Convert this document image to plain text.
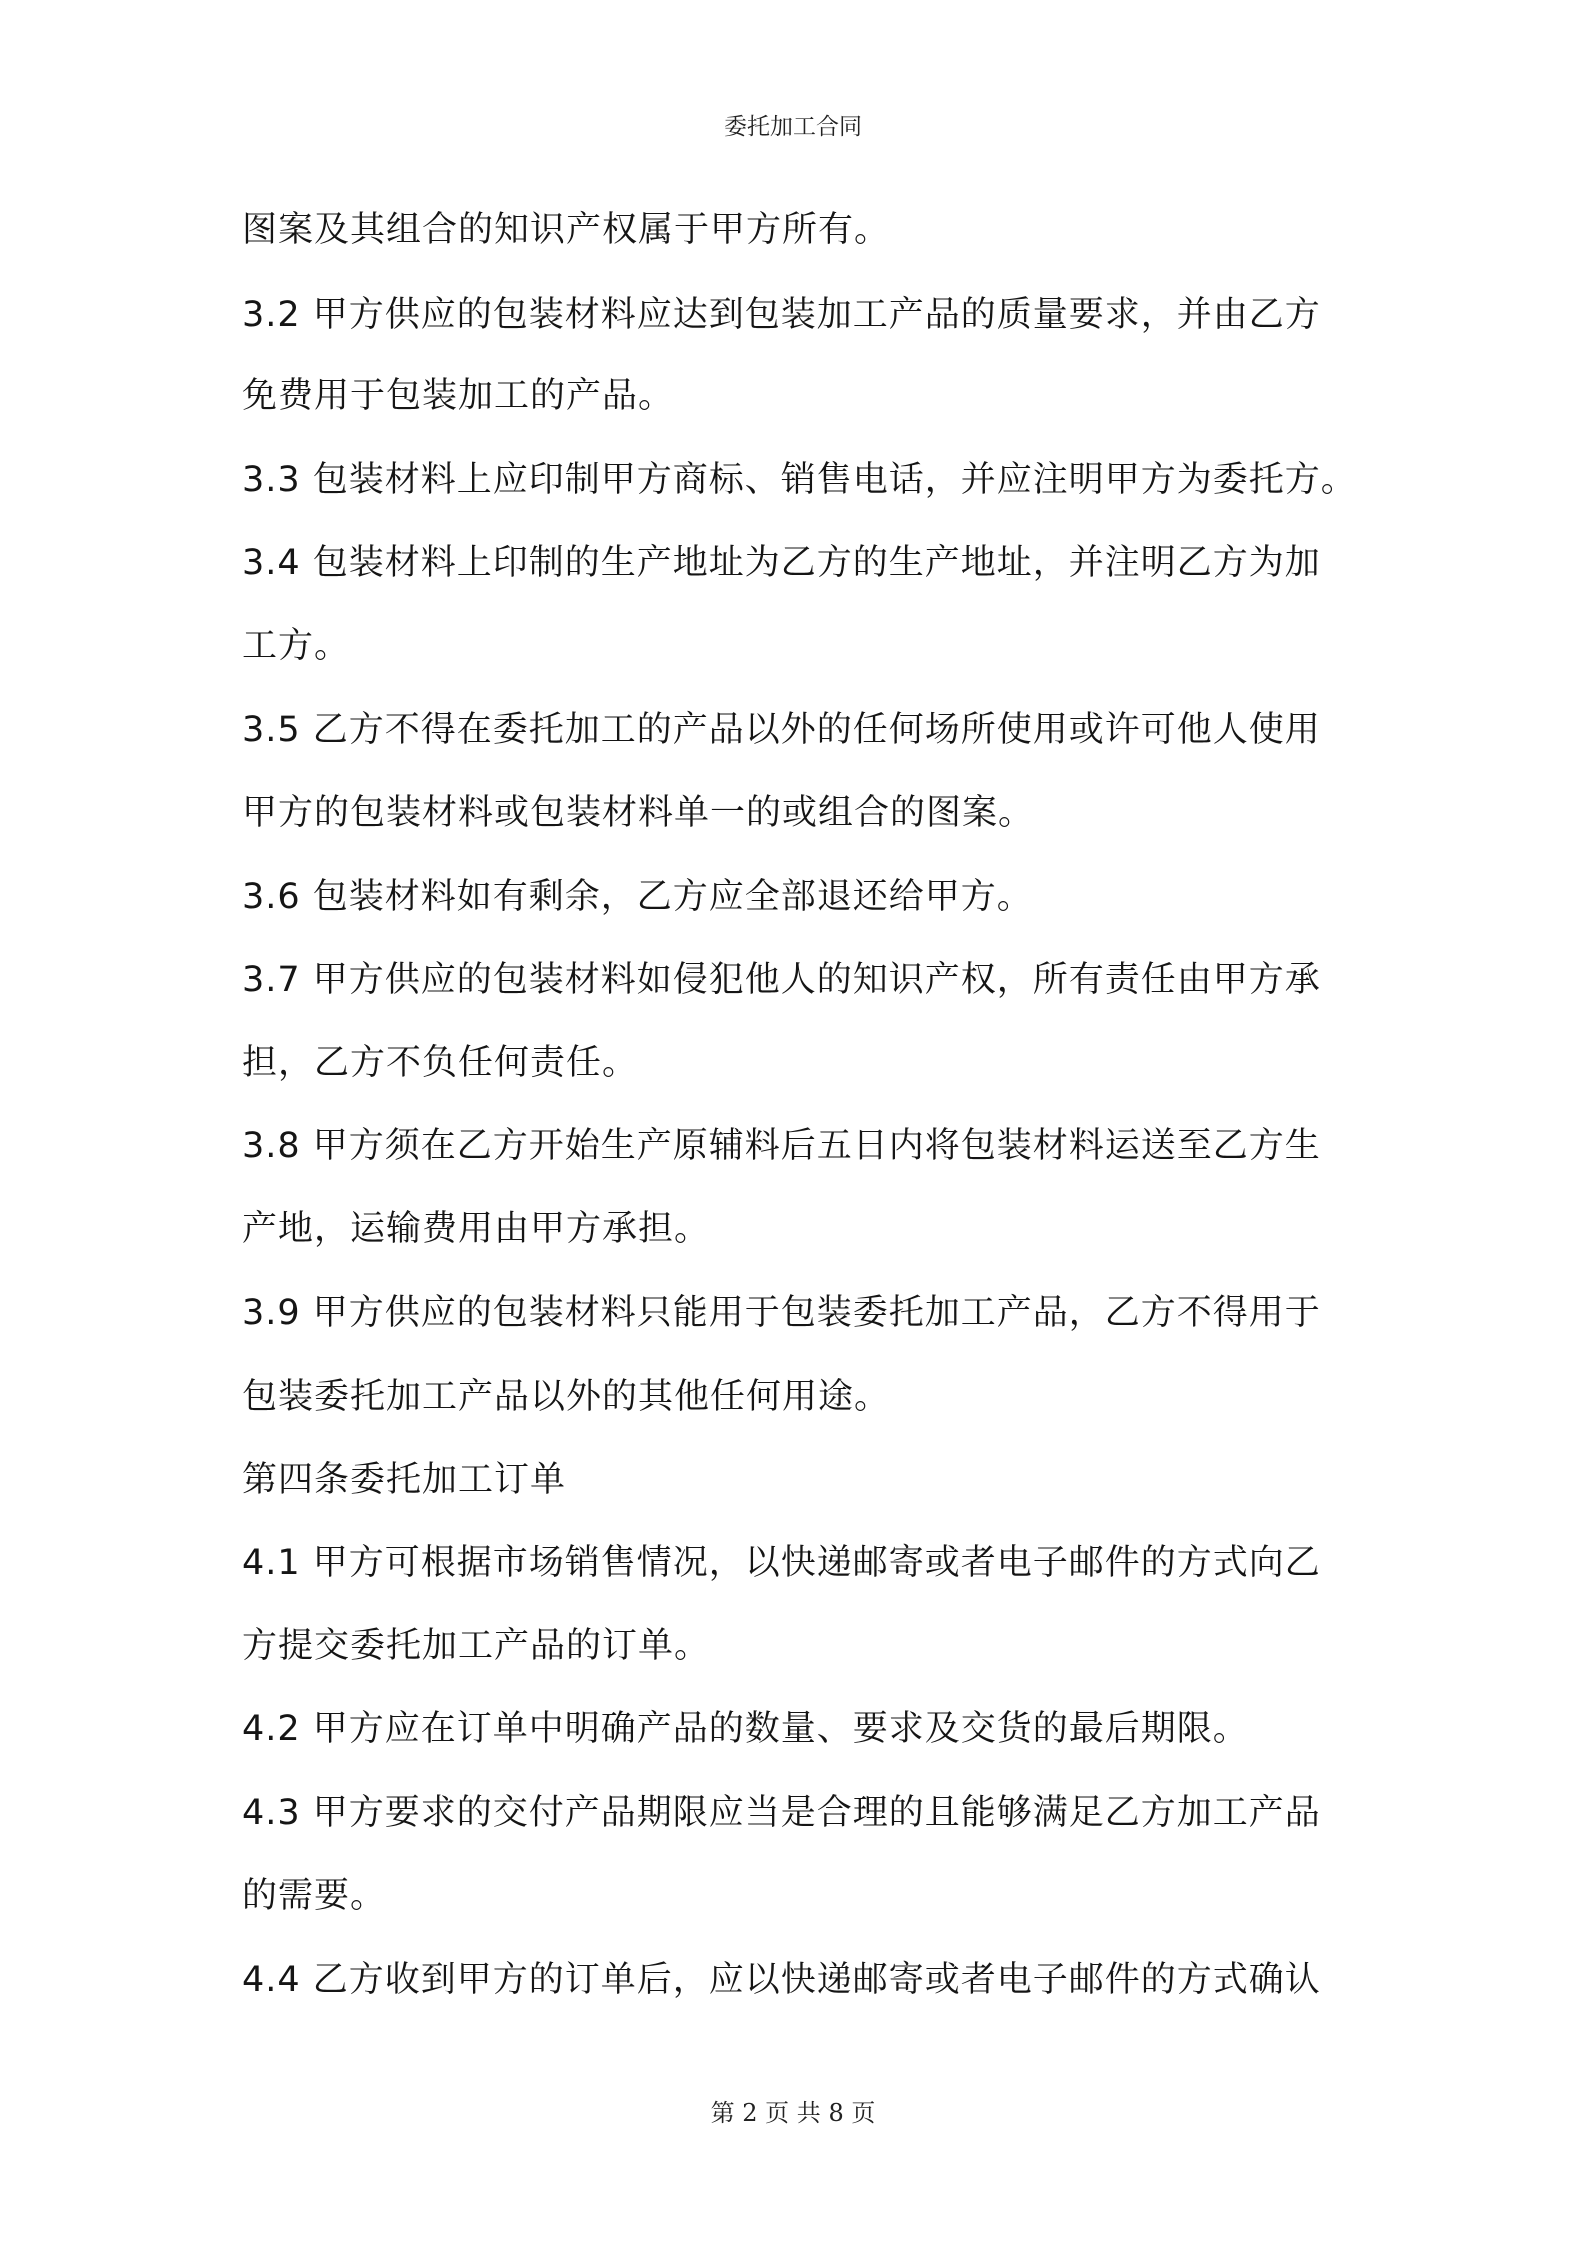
委托加工合同
图案及其组合的知识产权属于甲方所有。
3.2 甲方供应的包装材料应达到包装加工产品的质量要求，并由乙方
免费用于包装加工的产品。
3.3 包装材料上应印制甲方商标、销售电话，并应注明甲方为委托方。
3.4 包装材料上印制的生产地址为乙方的生产地址，并注明乙方为加
工方。
3.5 乙方不得在委托加工的产品以外的任何场所使用或许可他人使用
甲方的包装材料或包装材料单一的或组合的图案。
3.6 包装材料如有剩余，乙方应全部退还给甲方。
3.7 甲方供应的包装材料如侵犯他人的知识产权，所有责任由甲方承
担，乙方不负任何责任。
3.8 甲方须在乙方开始生产原辅料后五日内将包装材料运送至乙方生
产地，运输费用由甲方承担。
3.9 甲方供应的包装材料只能用于包装委托加工产品，乙方不得用于
包装委托加工产品以外的其他任何用途。
第四条委托加工订单
4.1 甲方可根据市场销售情况，以快递邮寄或者电子邮件的方式向乙
方提交委托加工产品的订单。
4.2 甲方应在订单中明确产品的数量、要求及交货的最后期限。
4.3 甲方要求的交付产品期限应当是合理的且能够满足乙方加工产品
的需要。
4.4 乙方收到甲方的订单后，应以快递邮寄或者电子邮件的方式确认
第 2 页 共 8 页
